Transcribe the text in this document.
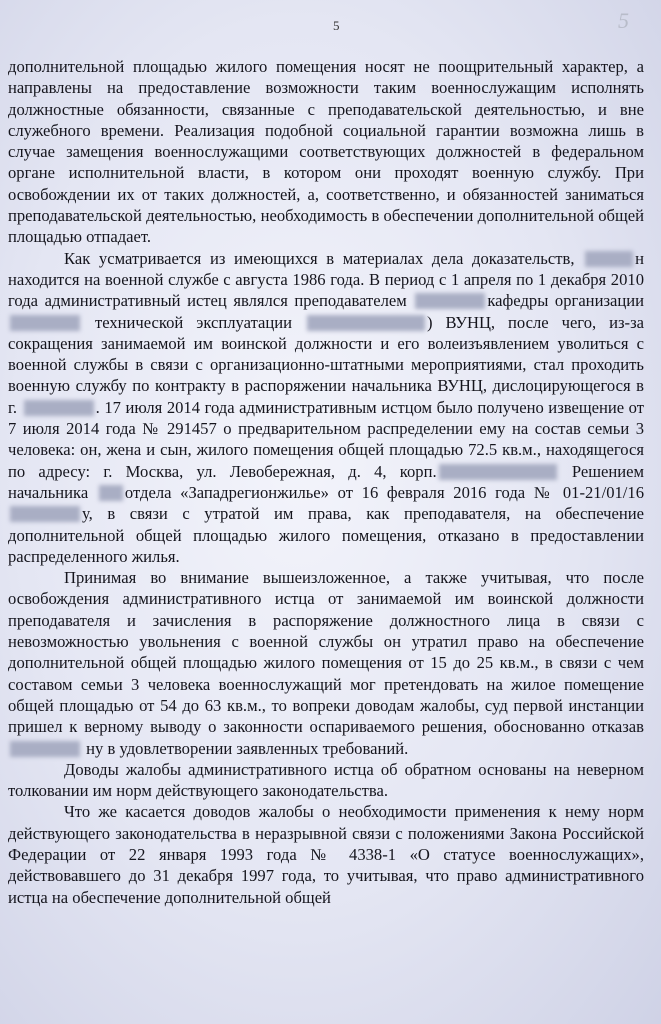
5	5

дополнительной площадью жилого помещения носят не поощрительный характер, а направлены на предоставление возможности таким военнослужащим исполнять должностные обязанности, связанные с преподавательской деятельностью, и вне служебного времени. Реализация подобной социальной гарантии возможна лишь в случае замещения военнослужащими соответствующих должностей в федеральном органе исполнительной власти, в котором они проходят военную службу. При освобождении их от таких должностей, а, соответственно, и обязанностей заниматься преподавательской деятельностью, необходимость в обеспечении дополнительной общей площадью отпадает.

Как усматривается из имеющихся в материалах дела доказательств,	н находится на военной службе с августа 1986 года. В период с 1 апреля по 1 декабря 2010 года административный истец являлся преподавателем	кафедры организации  технической эксплуатации	) ВУНЦ, после чего, из-за сокращения занимаемой им воинской должности и его волеизъявлением уволиться с военной службы в связи с организационно-штатными мероприятиями, стал проходить военную службу по контракту в распоряжении начальника ВУНЦ, дислоцирующегося в г.	. 17 июля 2014 года административным истцом было получено извещение от 7 июля 2014 года № 291457 о предварительном распределении ему на состав семьи 3 человека: он, жена и сын, жилого помещения общей площадью 72.5 кв.м., находящегося по адресу: г. Москва, ул. Левобережная, д. 4, корп.	Решением начальника отдела «Западрегионжилье» от 16 февраля 2016 года № 01-21/01/16 у, в связи с утратой им права, как преподавателя, на обеспечение дополнительной общей площадью жилого помещения, отказано в предоставлении распределенного жилья.

Принимая во внимание вышеизложенное, а также учитывая, что после освобождения административного истца от занимаемой им воинской должности преподавателя и зачисления в распоряжение должностного лица в связи с невозможностью увольнения с военной службы он утратил право на обеспечение дополнительной общей площадью жилого помещения от 15 до 25 кв.м., в связи с чем составом семьи 3 человека военнослужащий мог претендовать на жилое помещение общей площадью от 54 до 63 кв.м., то вопреки доводам жалобы, суд первой инстанции пришел к верному выводу о законности оспариваемого решения, обоснованно отказав  ну в удовлетворении заявленных требований.

Доводы жалобы административного истца об обратном основаны на неверном толковании им норм действующего законодательства.

Что же касается доводов жалобы о необходимости применения к нему норм действующего законодательства в неразрывной связи с положениями Закона Российской Федерации от 22 января 1993 года № 4338-1 «О статусе военнослужащих», действовавшего до 31 декабря 1997 года, то учитывая, что право административного истца на обеспечение дополнительной общей
